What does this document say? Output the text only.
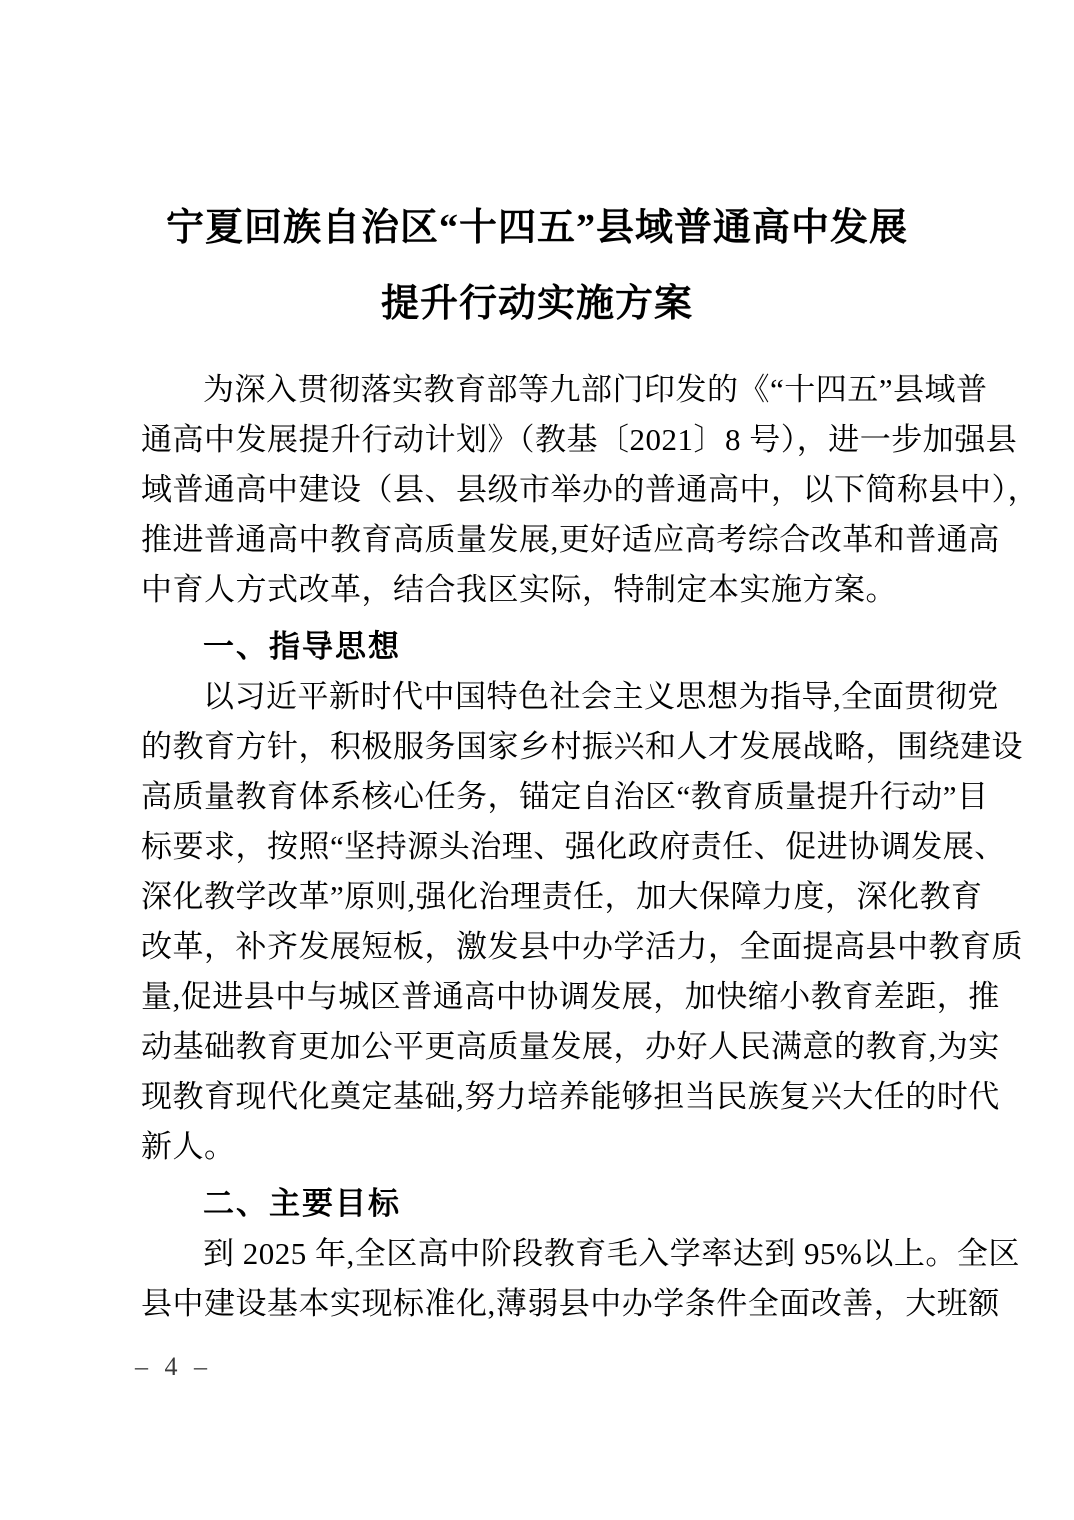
宁夏回族自治区“十四五”县域普通高中发展
提升行动实施方案
为深入贯彻落实教育部等九部门印发的《“十四五”县域普
通高中发展提升行动计划》（教基〔2021〕8 号），进一步加强县
域普通高中建设（县、县级市举办的普通高中，以下简称县中），
推进普通高中教育高质量发展,更好适应高考综合改革和普通高
中育人方式改革，结合我区实际，特制定本实施方案。
一、指导思想
以习近平新时代中国特色社会主义思想为指导,全面贯彻党
的教育方针，积极服务国家乡村振兴和人才发展战略，围绕建设
高质量教育体系核心任务，锚定自治区“教育质量提升行动”目
标要求，按照“坚持源头治理、强化政府责任、促进协调发展、
深化教学改革”原则,强化治理责任，加大保障力度，深化教育
改革，补齐发展短板，激发县中办学活力，全面提高县中教育质
量,促进县中与城区普通高中协调发展，加快缩小教育差距，推
动基础教育更加公平更高质量发展，办好人民满意的教育,为实
现教育现代化奠定基础,努力培养能够担当民族复兴大任的时代
新人。
二、主要目标
到 2025 年,全区高中阶段教育毛入学率达到 95%以上。全区
县中建设基本实现标准化,薄弱县中办学条件全面改善，大班额
– 4 –
